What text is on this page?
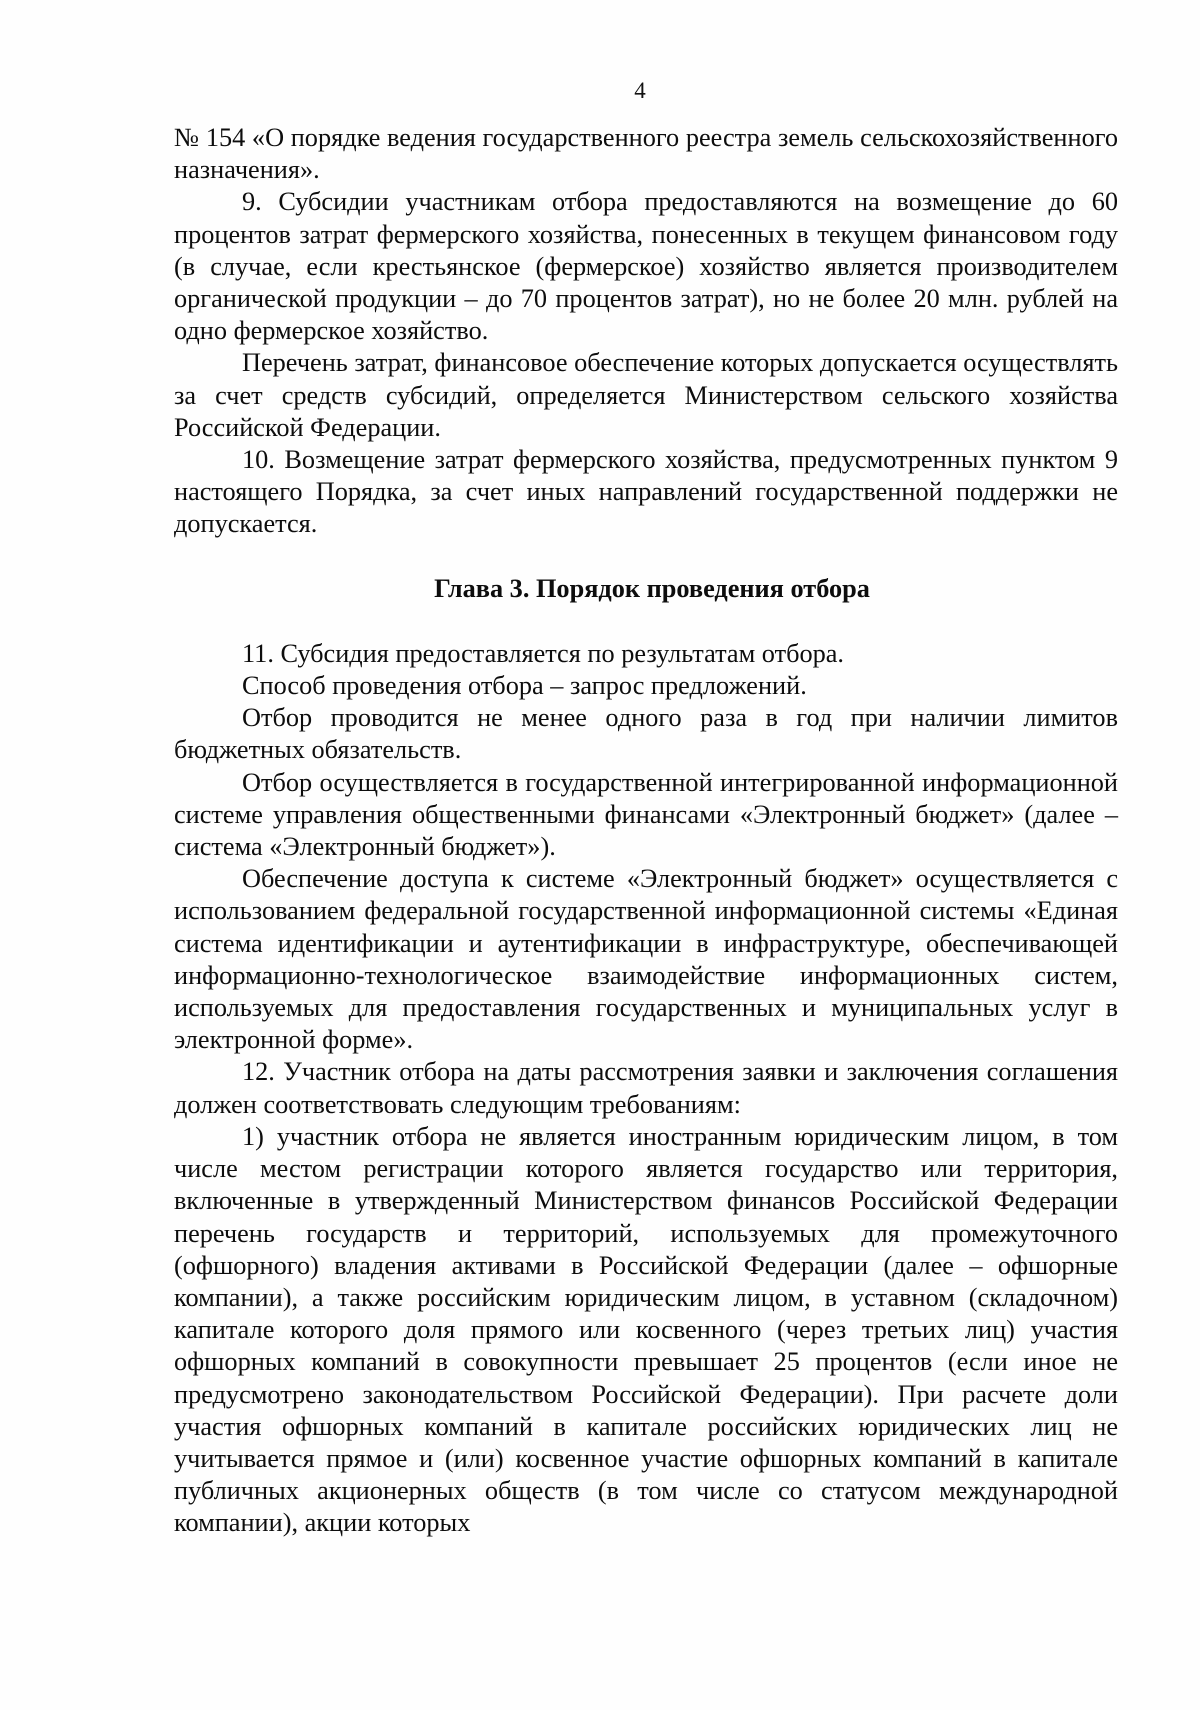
4

№ 154 «О порядке ведения государственного реестра земель сельскохозяйственного назначения».

9. Субсидии участникам отбора предоставляются на возмещение до 60 процентов затрат фермерского хозяйства, понесенных в текущем финансовом году (в случае, если крестьянское (фермерское) хозяйство является производителем органической продукции – до 70 процентов затрат), но не более 20 млн. рублей на одно фермерское хозяйство.

Перечень затрат, финансовое обеспечение которых допускается осуществлять за счет средств субсидий, определяется Министерством сельского хозяйства Российской Федерации.

10. Возмещение затрат фермерского хозяйства, предусмотренных пунктом 9 настоящего Порядка, за счет иных направлений государственной поддержки не допускается.

Глава 3. Порядок проведения отбора

11. Субсидия предоставляется по результатам отбора.

Способ проведения отбора – запрос предложений.

Отбор проводится не менее одного раза в год при наличии лимитов бюджетных обязательств.

Отбор осуществляется в государственной интегрированной информационной системе управления общественными финансами «Электронный бюджет» (далее – система «Электронный бюджет»).

Обеспечение доступа к системе «Электронный бюджет» осуществляется с использованием федеральной государственной информационной системы «Единая система идентификации и аутентификации в инфраструктуре, обеспечивающей информационно-технологическое взаимодействие информационных систем, используемых для предоставления государственных и муниципальных услуг в электронной форме».

12. Участник отбора на даты рассмотрения заявки и заключения соглашения должен соответствовать следующим требованиям:

1) участник отбора не является иностранным юридическим лицом, в том числе местом регистрации которого является государство или территория, включенные в утвержденный Министерством финансов Российской Федерации перечень государств и территорий, используемых для промежуточного (офшорного) владения активами в Российской Федерации (далее – офшорные компании), а также российским юридическим лицом, в уставном (складочном) капитале которого доля прямого или косвенного (через третьих лиц) участия офшорных компаний в совокупности превышает 25 процентов (если иное не предусмотрено законодательством Российской Федерации). При расчете доли участия офшорных компаний в капитале российских юридических лиц не учитывается прямое и (или) косвенное участие офшорных компаний в капитале публичных акционерных обществ (в том числе со статусом международной компании), акции которых
